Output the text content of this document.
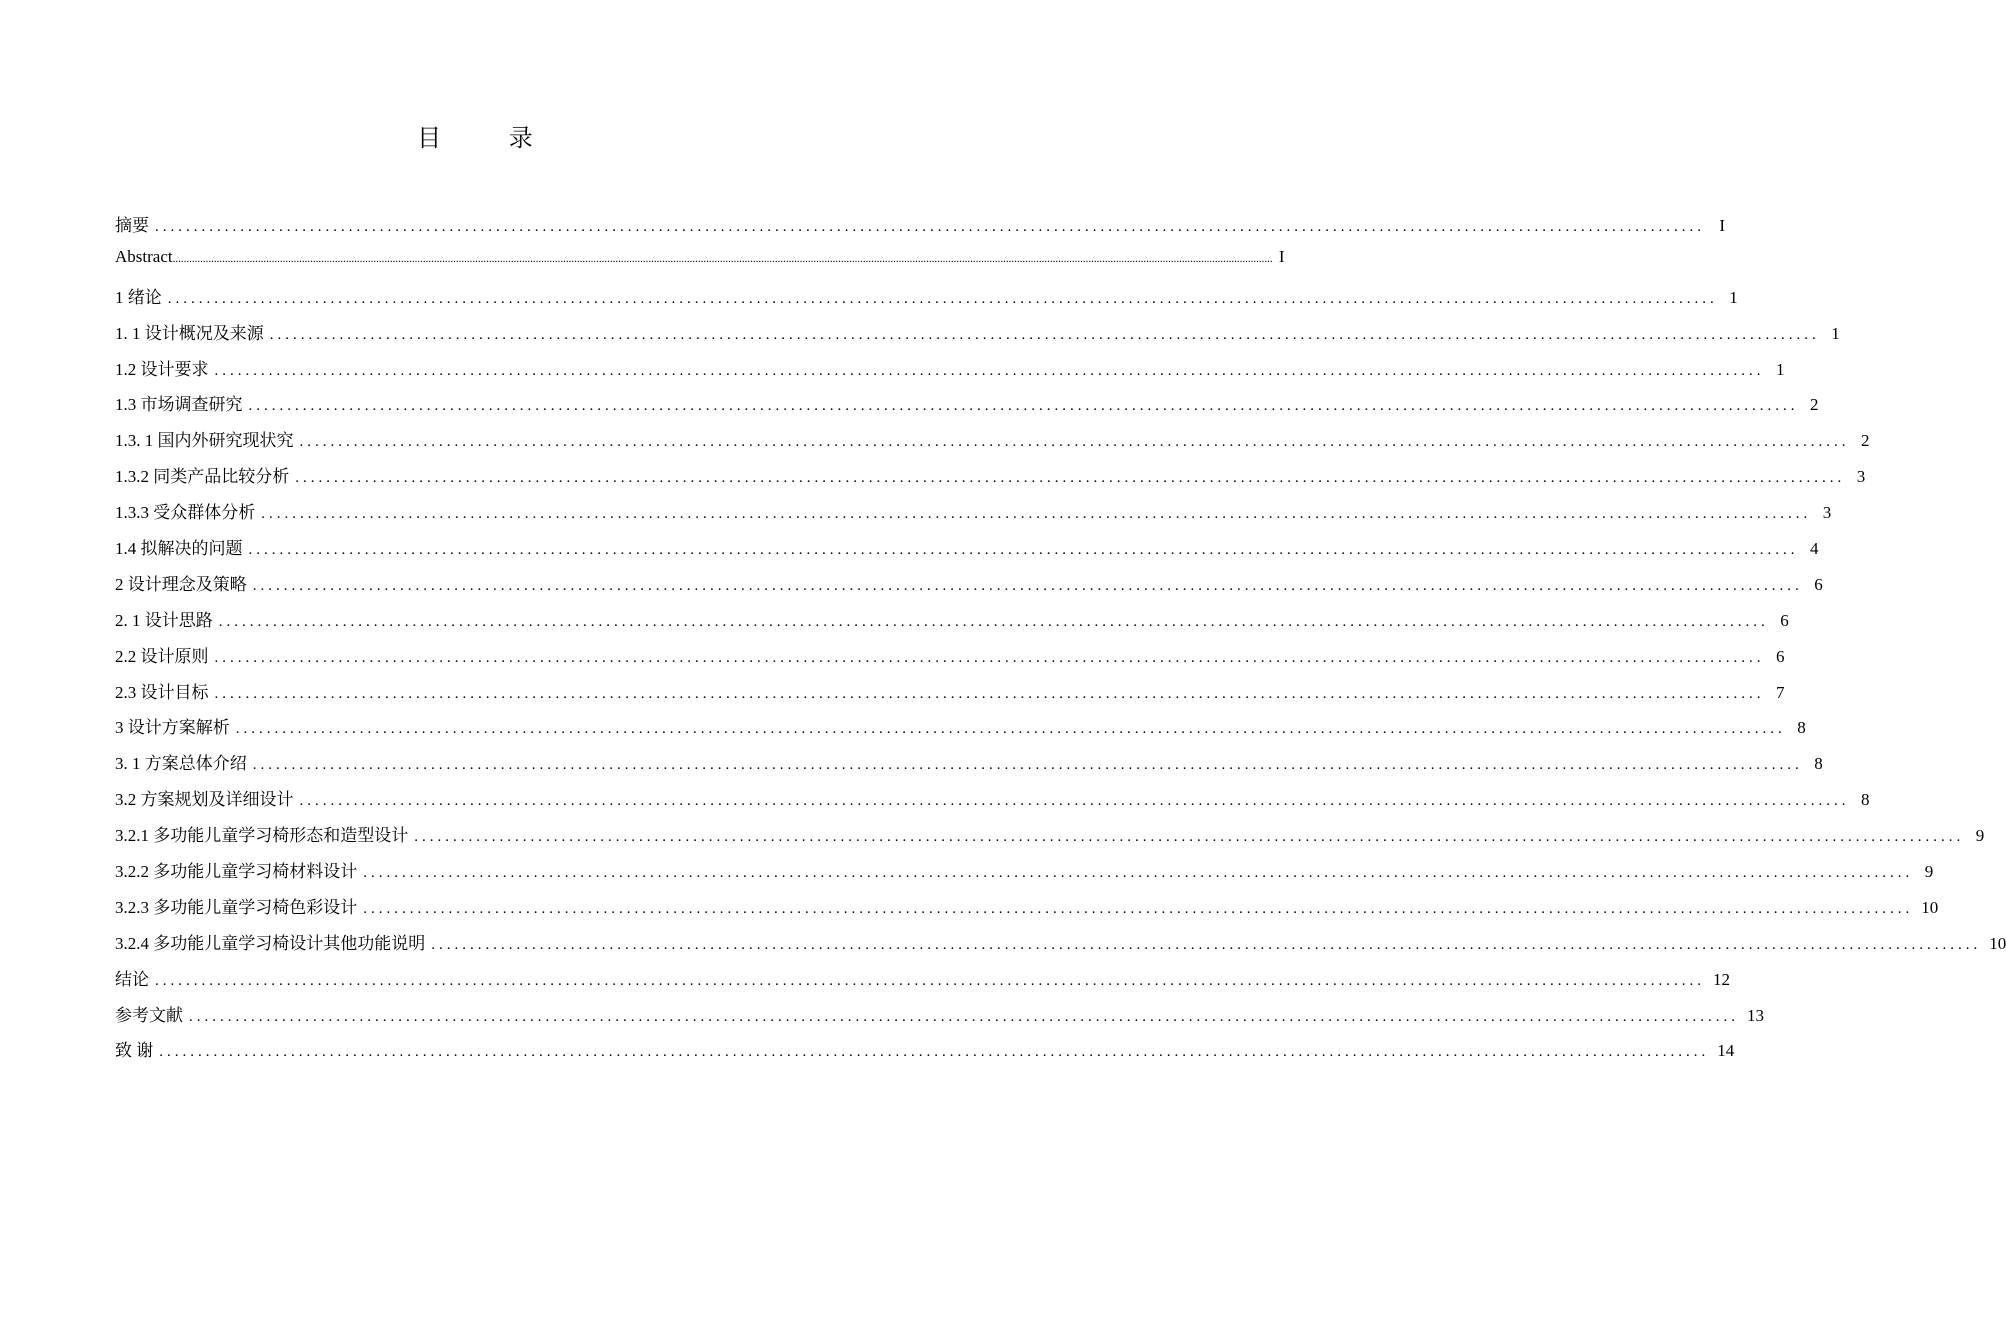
目 录
摘要 ........................................................................................................................................................................................................ I
Abstract ................................................................................................................................................................................................................................................................................................................................................................................................................ I
1 绪论 ........................................................................................................................................................................................................ 1
1. 1 设计概况及来源 ........................................................................................................................................................................................................ 1
1.2 设计要求 ........................................................................................................................................................................................................ 1
1.3 市场调查研究 ........................................................................................................................................................................................................ 2
1.3. 1 国内外研究现状究 ........................................................................................................................................................................................................ 2
1.3.2 同类产品比较分析 ........................................................................................................................................................................................................ 3
1.3.3 受众群体分析 ........................................................................................................................................................................................................ 3
1.4 拟解决的问题 ........................................................................................................................................................................................................ 4
2 设计理念及策略 ........................................................................................................................................................................................................ 6
2. 1 设计思路 ........................................................................................................................................................................................................ 6
2.2 设计原则 ........................................................................................................................................................................................................ 6
2.3 设计目标 ........................................................................................................................................................................................................ 7
3 设计方案解析 ........................................................................................................................................................................................................ 8
3. 1 方案总体介绍 ........................................................................................................................................................................................................ 8
3.2 方案规划及详细设计 ........................................................................................................................................................................................................ 8
3.2.1 多功能儿童学习椅形态和造型设计 ........................................................................................................................................................................................................ 9
3.2.2 多功能儿童学习椅材料设计 ........................................................................................................................................................................................................ 9
3.2.3 多功能儿童学习椅色彩设计 ........................................................................................................................................................................................................ 10
3.2.4 多功能儿童学习椅设计其他功能说明 ........................................................................................................................................................................................................ 10
结论 ........................................................................................................................................................................................................ 12
参考文献 ........................................................................................................................................................................................................ 13
致 谢 ........................................................................................................................................................................................................ 14
